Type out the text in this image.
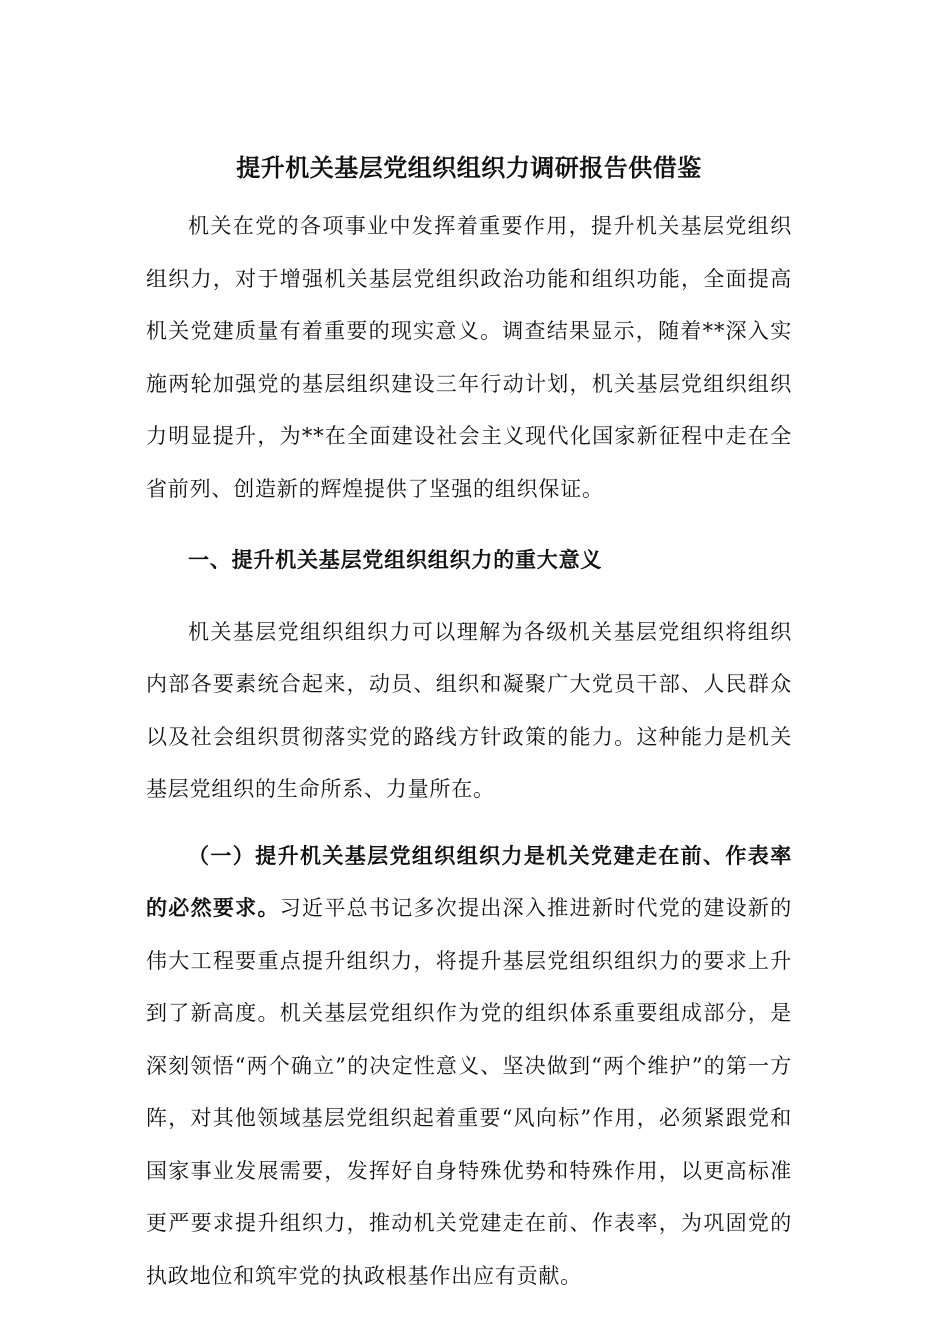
提升机关基层党组织组织力调研报告供借鉴

机关在党的各项事业中发挥着重要作用，提升机关基层党组织组织力，对于增强机关基层党组织政治功能和组织功能，全面提高机关党建质量有着重要的现实意义。调查结果显示，随着**深入实施两轮加强党的基层组织建设三年行动计划，机关基层党组织组织力明显提升，为**在全面建设社会主义现代化国家新征程中走在全省前列、创造新的辉煌提供了坚强的组织保证。

一、提升机关基层党组织组织力的重大意义

机关基层党组织组织力可以理解为各级机关基层党组织将组织内部各要素统合起来，动员、组织和凝聚广大党员干部、人民群众以及社会组织贯彻落实党的路线方针政策的能力。这种能力是机关基层党组织的生命所系、力量所在。

（一）提升机关基层党组织组织力是机关党建走在前、作表率的必然要求。习近平总书记多次提出深入推进新时代党的建设新的伟大工程要重点提升组织力，将提升基层党组织组织力的要求上升到了新高度。机关基层党组织作为党的组织体系重要组成部分，是深刻领悟“两个确立”的决定性意义、坚决做到“两个维护”的第一方阵，对其他领域基层党组织起着重要“风向标”作用，必须紧跟党和国家事业发展需要，发挥好自身特殊优势和特殊作用，以更高标准更严要求提升组织力，推动机关党建走在前、作表率，为巩固党的执政地位和筑牢党的执政根基作出应有贡献。
